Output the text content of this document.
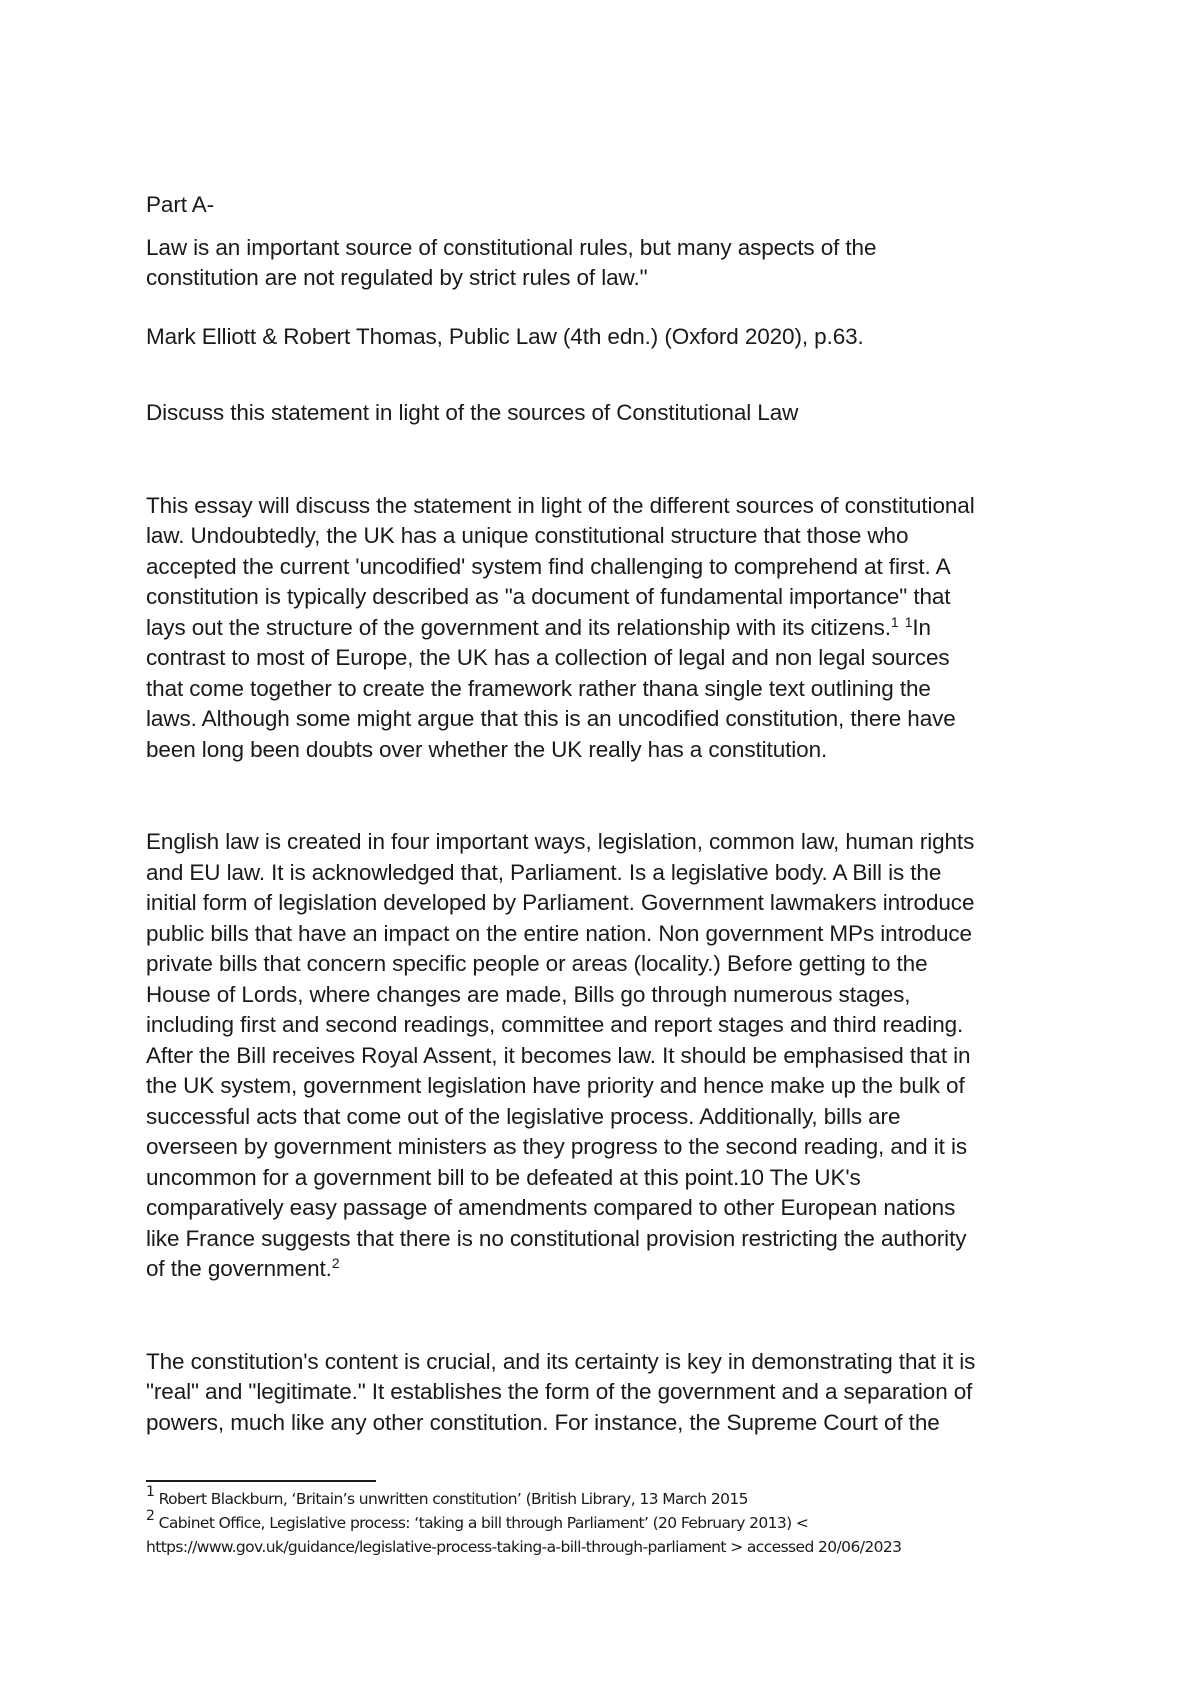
Part A-
Law is an important source of constitutional rules, but many aspects of the
constitution are not regulated by strict rules of law."
Mark Elliott & Robert Thomas, Public Law (4th edn.) (Oxford 2020), p.63.
Discuss this statement in light of the sources of Constitutional Law
This essay will discuss the statement in light of the different sources of constitutional
law. Undoubtedly, the UK has a unique constitutional structure that those who
accepted the current 'uncodified' system find challenging to comprehend at first. A
constitution is typically described as "a document of fundamental importance" that
lays out the structure of the government and its relationship with its citizens.$^1$ $^1$In
contrast to most of Europe, the UK has a collection of legal and non legal sources
that come together to create the framework rather thana single text outlining the
laws. Although some might argue that this is an uncodified constitution, there have
been long been doubts over whether the UK really has a constitution.
English law is created in four important ways, legislation, common law, human rights
and EU law. It is acknowledged that, Parliament. Is a legislative body. A Bill is the
initial form of legislation developed by Parliament. Government lawmakers introduce
public bills that have an impact on the entire nation. Non government MPs introduce
private bills that concern specific people or areas (locality.) Before getting to the
House of Lords, where changes are made, Bills go through numerous stages,
including first and second readings, committee and report stages and third reading.
After the Bill receives Royal Assent, it becomes law. It should be emphasised that in
the UK system, government legislation have priority and hence make up the bulk of
successful acts that come out of the legislative process. Additionally, bills are
overseen by government ministers as they progress to the second reading, and it is
uncommon for a government bill to be defeated at this point.10 The UK's
comparatively easy passage of amendments compared to other European nations
like France suggests that there is no constitutional provision restricting the authority
of the government.$^2$
The constitution's content is crucial, and its certainty is key in demonstrating that it is
"real" and "legitimate." It establishes the form of the government and a separation of
powers, much like any other constitution. For instance, the Supreme Court of the
$^1$ Robert Blackburn, ‘Britain’s unwritten constitution’ (British Library, 13 March 2015
$^2$ Cabinet Office, Legislative process: ‘taking a bill through Parliament’ (20 February 2013) <
https://www.gov.uk/guidance/legislative-process-taking-a-bill-through-parliament > accessed 20/06/2023
